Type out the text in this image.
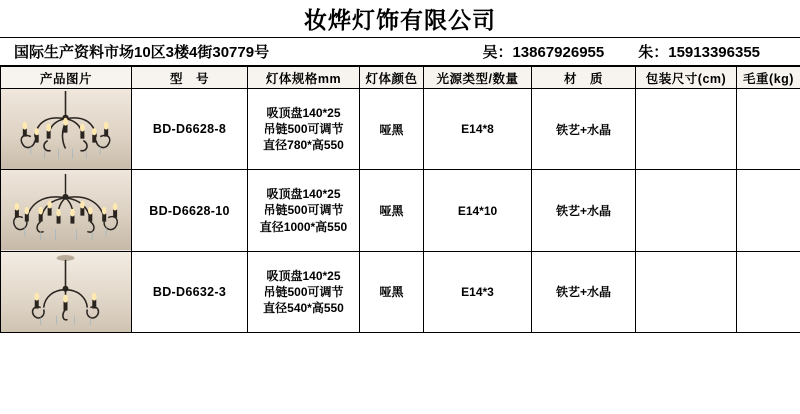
妆烨灯饰有限公司
国际生产资料市场10区3楼4街30779号	吴：13867926955 朱：15913396355
产品图片	型　号	灯体规格mm	灯体颜色	光源类型/数量	材　质	包装尺寸(cm)	毛重(kg)

	BD-D6628-8	吸顶盘140*25
吊链500可调节
直径780*高550	哑黑	E14*8	铁艺+水晶		

	BD-D6628-10	吸顶盘140*25
吊链500可调节
直径1000*高550	哑黑	E14*10	铁艺+水晶		

	BD-D6632-3	吸顶盘140*25
吊链500可调节
直径540*高550	哑黑	E14*3	铁艺+水晶		
